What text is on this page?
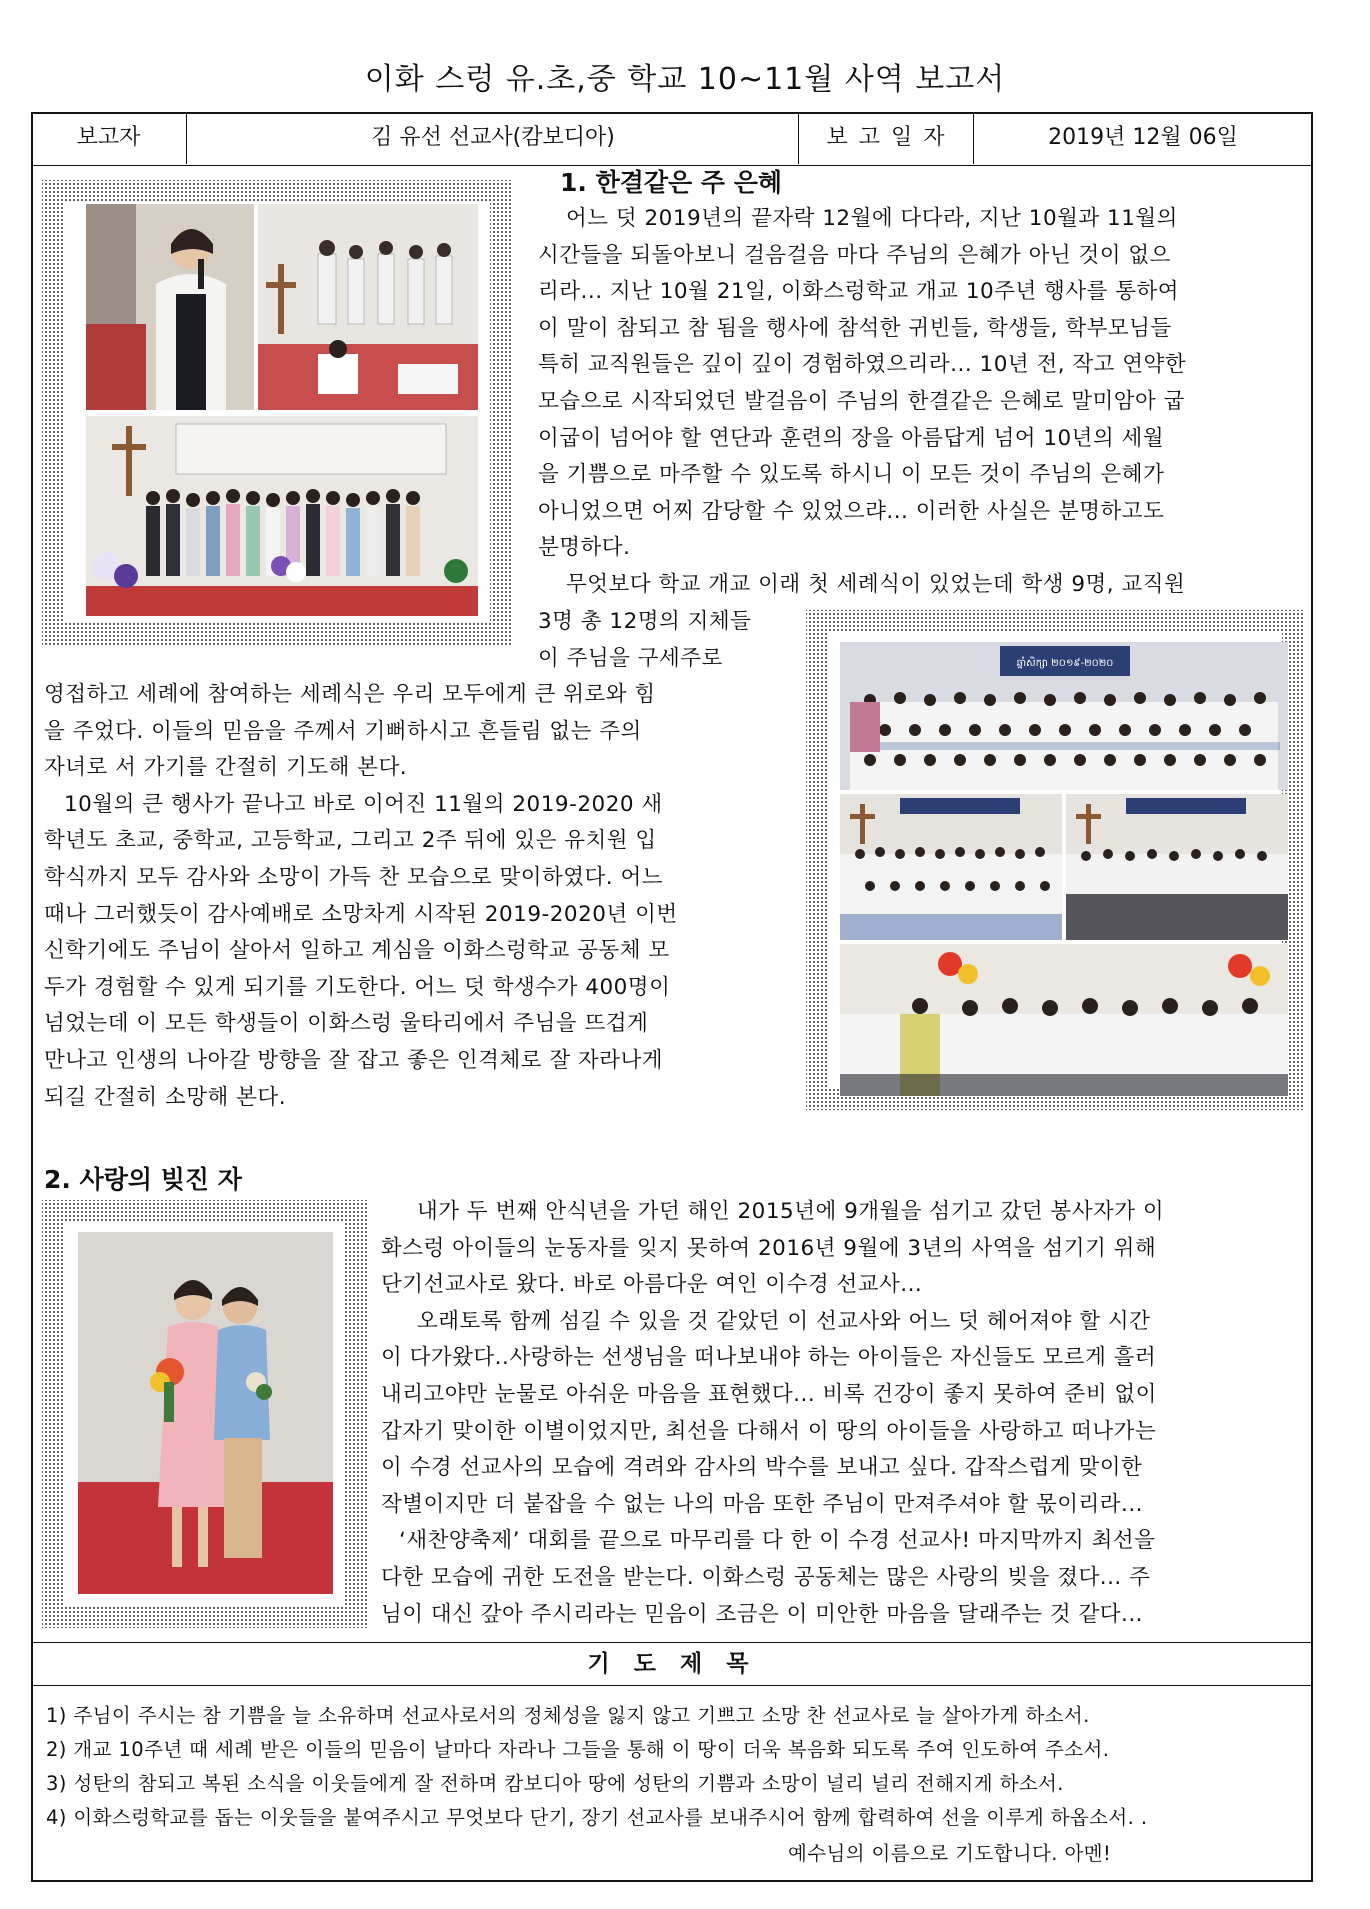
이화 스렁 유.초,중 학교 10~11월 사역 보고서
보고자	김 유선 선교사(캄보디아)	보 고 일 자	2019년 12월 06일
1. 한결같은 주 은혜
어느 덧 2019년의 끝자락 12월에 다다라, 지난 10월과 11월의
시간들을 되돌아보니 걸음걸음 마다 주님의 은혜가 아닌 것이 없으
리라... 지난 10월 21일, 이화스렁학교 개교 10주년 행사를 통하여
이 말이 참되고 참 됨을 행사에 참석한 귀빈들, 학생들, 학부모님들
특히 교직원들은 깊이 깊이 경험하였으리라... 10년 전, 작고 연약한
모습으로 시작되었던 발걸음이 주님의 한결같은 은혜로 말미암아 굽
이굽이 넘어야 할 연단과 훈련의 장을 아름답게 넘어 10년의 세월
을 기쁨으로 마주할 수 있도록 하시니 이 모든 것이 주님의 은혜가
아니었으면 어찌 감당할 수 있었으랴... 이러한 사실은 분명하고도
분명하다.
무엇보다 학교 개교 이래 첫 세례식이 있었는데 학생 9명, 교직원
3명 총 12명의 지체들
이 주님을 구세주로
영접하고 세례에 참여하는 세례식은 우리 모두에게 큰 위로와 힘
을 주었다. 이들의 믿음을 주께서 기뻐하시고 흔들림 없는 주의
자녀로 서 가기를 간절히 기도해 본다.
10월의 큰 행사가 끝나고 바로 이어진 11월의 2019-2020 새
학년도 초교, 중학교, 고등학교, 그리고 2주 뒤에 있은 유치원 입
학식까지 모두 감사와 소망이 가득 찬 모습으로 맞이하였다. 어느
때나 그러했듯이 감사예배로 소망차게 시작된 2019-2020년 이번
신학기에도 주님이 살아서 일하고 계심을 이화스렁학교 공동체 모
두가 경험할 수 있게 되기를 기도한다. 어느 덧 학생수가 400명이
넘었는데 이 모든 학생들이 이화스렁 울타리에서 주님을 뜨겁게
만나고 인생의 나아갈 방향을 잘 잡고 좋은 인격체로 잘 자라나게
되길 간절히 소망해 본다.
ឆ្នាំសិក្សា ២០១៩-២០២០
2. 사랑의 빚진 자
내가 두 번째 안식년을 가던 해인 2015년에 9개월을 섬기고 갔던 봉사자가 이
화스렁 아이들의 눈동자를 잊지 못하여 2016년 9월에 3년의 사역을 섬기기 위해
단기선교사로 왔다. 바로 아름다운 여인 이수경 선교사...
오래토록 함께 섬길 수 있을 것 같았던 이 선교사와 어느 덧 헤어져야 할 시간
이 다가왔다..사랑하는 선생님을 떠나보내야 하는 아이들은 자신들도 모르게 흘러
내리고야만 눈물로 아쉬운 마음을 표현했다... 비록 건강이 좋지 못하여 준비 없이
갑자기 맞이한 이별이었지만, 최선을 다해서 이 땅의 아이들을 사랑하고 떠나가는
이 수경 선교사의 모습에 격려와 감사의 박수를 보내고 싶다. 갑작스럽게 맞이한
작별이지만 더 붙잡을 수 없는 나의 마음 또한 주님이 만져주셔야 할 몫이리라...
‘새찬양축제’ 대회를 끝으로 마무리를 다 한 이 수경 선교사! 마지막까지 최선을
다한 모습에 귀한 도전을 받는다. 이화스렁 공동체는 많은 사랑의 빚을 졌다... 주
님이 대신 갚아 주시리라는 믿음이 조금은 이 미안한 마음을 달래주는 것 같다...
기 도 제 목
1) 주님이 주시는 참 기쁨을 늘 소유하며 선교사로서의 정체성을 잃지 않고 기쁘고 소망 찬 선교사로 늘 살아가게 하소서.
2) 개교 10주년 때 세례 받은 이들의 믿음이 날마다 자라나 그들을 통해 이 땅이 더욱 복음화 되도록 주여 인도하여 주소서.
3) 성탄의 참되고 복된 소식을 이웃들에게 잘 전하며 캄보디아 땅에 성탄의 기쁨과 소망이 널리 널리 전해지게 하소서.
4) 이화스렁학교를 돕는 이웃들을 붙여주시고 무엇보다 단기, 장기 선교사를 보내주시어 함께 합력하여 선을 이루게 하옵소서. .
예수님의 이름으로 기도합니다. 아멘!
